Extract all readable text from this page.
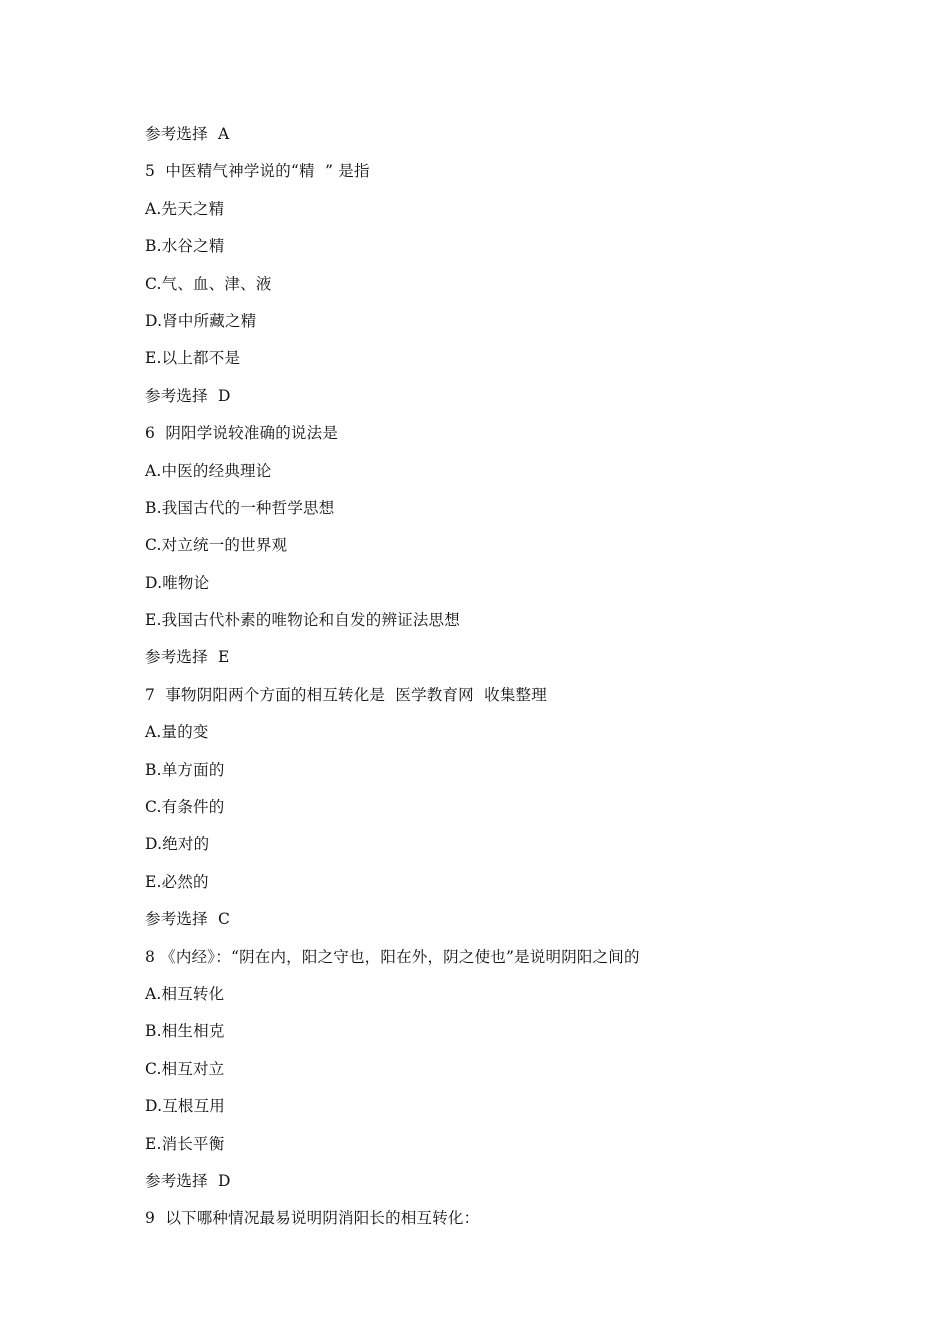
参考选择  A
5  中医精气神学说的“精  ” 是指
A.先天之精
B.水谷之精
C.气、血、津、液
D.肾中所藏之精
E.以上都不是
参考选择  D
6  阴阳学说较准确的说法是
A.中医的经典理论
B.我国古代的一种哲学思想
C.对立统一的世界观
D.唯物论
E.我国古代朴素的唯物论和自发的辨证法思想
参考选择  E
7  事物阴阳两个方面的相互转化是  医学教育网  收集整理
A.量的变
B.单方面的
C.有条件的
D.绝对的
E.必然的
参考选择  C
8 《内经》：“阴在内，阳之守也，阳在外，阴之使也”是说明阴阳之间的
A.相互转化
B.相生相克
C.相互对立
D.互根互用
E.消长平衡
参考选择  D
9  以下哪种情况最易说明阴消阳长的相互转化：
